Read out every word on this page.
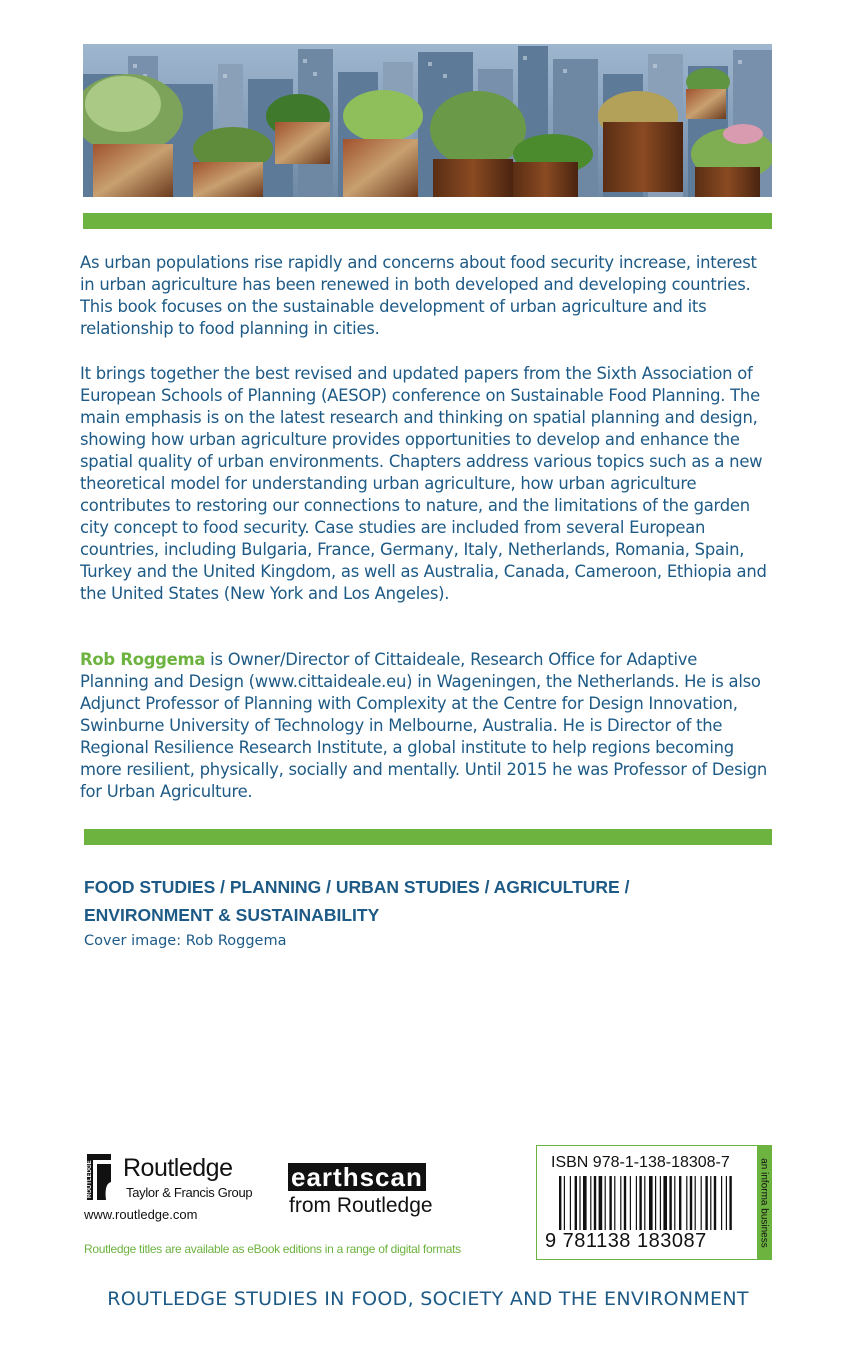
As urban populations rise rapidly and concerns about food security increase, interest in urban agriculture has been renewed in both developed and developing countries. This book focuses on the sustainable development of urban agriculture and its relationship to food planning in cities.

It brings together the best revised and updated papers from the Sixth Association of European Schools of Planning (AESOP) conference on Sustainable Food Planning. The main emphasis is on the latest research and thinking on spatial planning and design, showing how urban agriculture provides opportunities to develop and enhance the spatial quality of urban environments. Chapters address various topics such as a new theoretical model for understanding urban agriculture, how urban agriculture contributes to restoring our connections to nature, and the limitations of the garden city concept to food security. Case studies are included from several European countries, including Bulgaria, France, Germany, Italy, Netherlands, Romania, Spain, Turkey and the United Kingdom, as well as Australia, Canada, Cameroon, Ethiopia and the United States (New York and Los Angeles).

Rob Roggema is Owner/Director of Cittaideale, Research Office for Adaptive Planning and Design (www.cittaideale.eu) in Wageningen, the Netherlands. He is also Adjunct Professor of Planning with Complexity at the Centre for Design Innovation, Swinburne University of Technology in Melbourne, Australia. He is Director of the Regional Resilience Research Institute, a global institute to help regions becoming more resilient, physically, socially and mentally. Until 2015 he was Professor of Design for Urban Agriculture.

FOOD STUDIES / PLANNING / URBAN STUDIES / AGRICULTURE /
ENVIRONMENT & SUSTAINABILITY
Cover image: Rob Roggema
ROUTLEDGE Routledge
Taylor & Francis Group
www.routledge.com
earthscan
from Routledge
Routledge titles are available as eBook editions in a range of digital formats
ISBN 978-1-138-18308-7
9 781138 183087	an informa business
ROUTLEDGE STUDIES IN FOOD, SOCIETY AND THE ENVIRONMENT
